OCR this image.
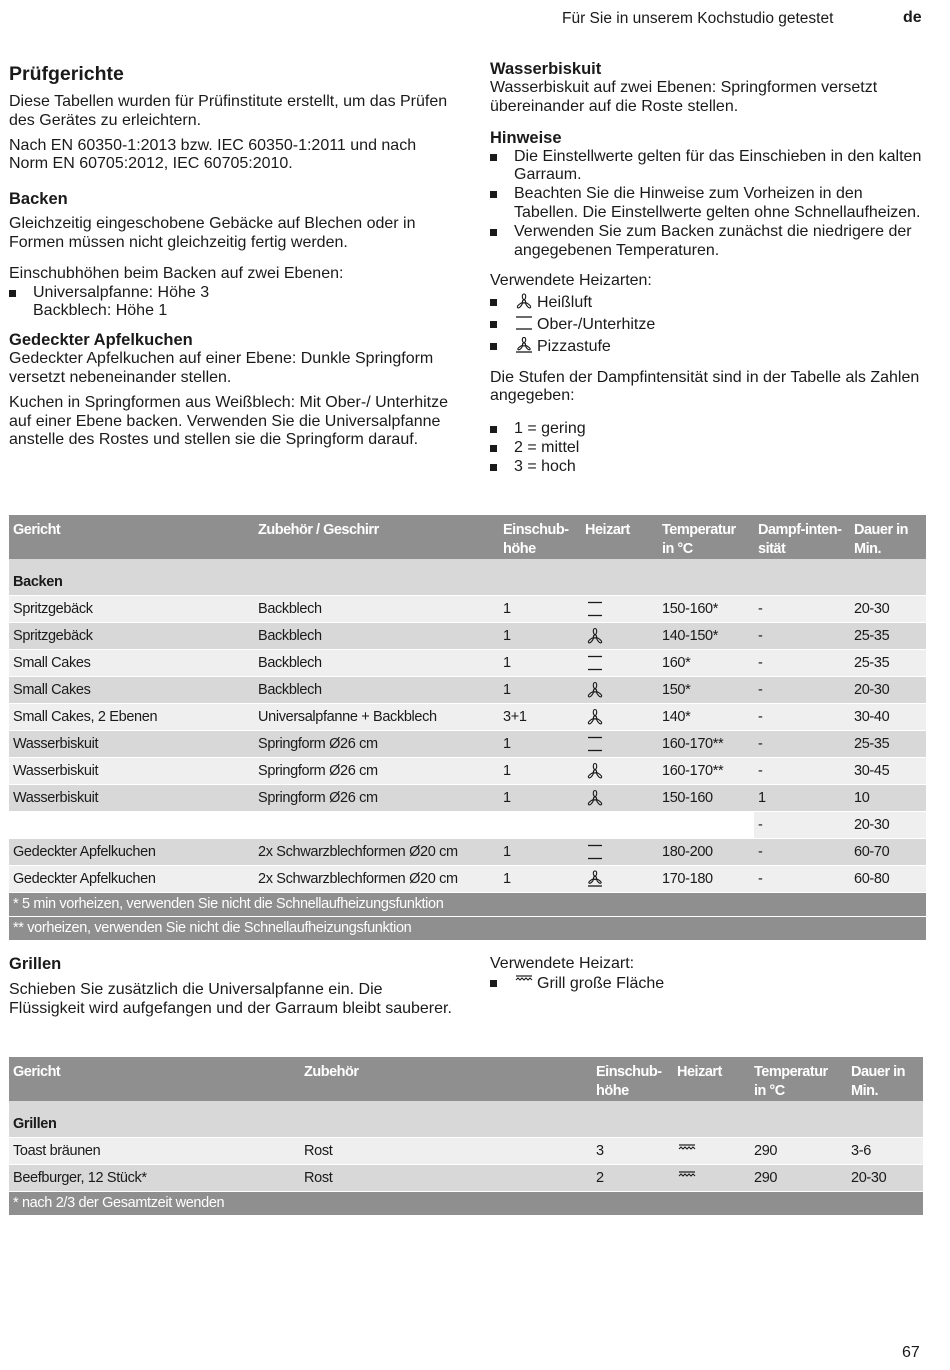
Für Sie in unserem Kochstudio getestet	de
Prüfgerichte

Diese Tabellen wurden für Prüfinstitute erstellt, um das Prüfen des Gerätes zu erleichtern.

Nach EN 60350-1:2013 bzw. IEC 60350-1:2011 und nach Norm EN 60705:2012, IEC 60705:2010.

Backen

Gleichzeitig eingeschobene Gebäcke auf Blechen oder in Formen müssen nicht gleichzeitig fertig werden.

Einschubhöhen beim Backen auf zwei Ebenen:
Universalpfanne: Höhe 3
Backblech: Höhe 1
Gedeckter Apfelkuchen

Gedeckter Apfelkuchen auf einer Ebene: Dunkle Springform versetzt nebeneinander stellen.

Kuchen in Springformen aus Weißblech: Mit Ober-/ Unterhitze auf einer Ebene backen. Verwenden Sie die Universalpfanne anstelle des Rostes und stellen sie die Springform darauf.

Wasserbiskuit

Wasserbiskuit auf zwei Ebenen: Springformen versetzt übereinander auf die Roste stellen.

Hinweise
Die Einstellwerte gelten für das Einschieben in den kalten Garraum.
Beachten Sie die Hinweise zum Vorheizen in den Tabellen. Die Einstellwerte gelten ohne Schnellaufheizen.
Verwenden Sie zum Backen zunächst die niedrigere der angegebenen Temperaturen.
Verwendete Heizarten:
Heißluft
Ober-/Unterhitze
Pizzastufe

Die Stufen der Dampfintensität sind in der Tabelle als Zahlen angegeben:

1 = gering
2 = mittel
3 = hoch
Gericht	Zubehör / Geschirr	Einschub-höhe	Heizart	Temperatur in °C	Dampf-inten-sität	Dauer in Min.
Backen						
Spritzgebäck	Backblech	1		150-160*	-	20-30
Spritzgebäck	Backblech	1		140-150*	-	25-35
Small Cakes	Backblech	1		160*	-	25-35
Small Cakes	Backblech	1		150*	-	20-30
Small Cakes, 2 Ebenen	Universalpfanne + Backblech	3+1		140*	-	30-40
Wasserbiskuit	Springform Ø26 cm	1		160-170**	-	25-35
Wasserbiskuit	Springform Ø26 cm	1		160-170**	-	30-45
Wasserbiskuit	Springform Ø26 cm	1		150-160	1	10
					-	20-30
Gedeckter Apfelkuchen	2x Schwarzblechformen Ø20 cm	1		180-200	-	60-70
Gedeckter Apfelkuchen	2x Schwarzblechformen Ø20 cm	1		170-180	-	60-80
* 5 min vorheizen, verwenden Sie nicht die Schnellaufheizungsfunktion						
** vorheizen, verwenden Sie nicht die Schnellaufheizungsfunktion						
Grillen

Schieben Sie zusätzlich die Universalpfanne ein. Die Flüssigkeit wird aufgefangen und der Garraum bleibt sauberer.

Verwendete Heizart:
Grill große Fläche
Gericht	Zubehör	Einschub-höhe	Heizart	Temperatur in °C	Dauer in Min.
Grillen					
Toast bräunen	Rost	3		290	3-6
Beefburger, 12 Stück*	Rost	2		290	20-30
* nach 2/3 der Gesamtzeit wenden					
67
